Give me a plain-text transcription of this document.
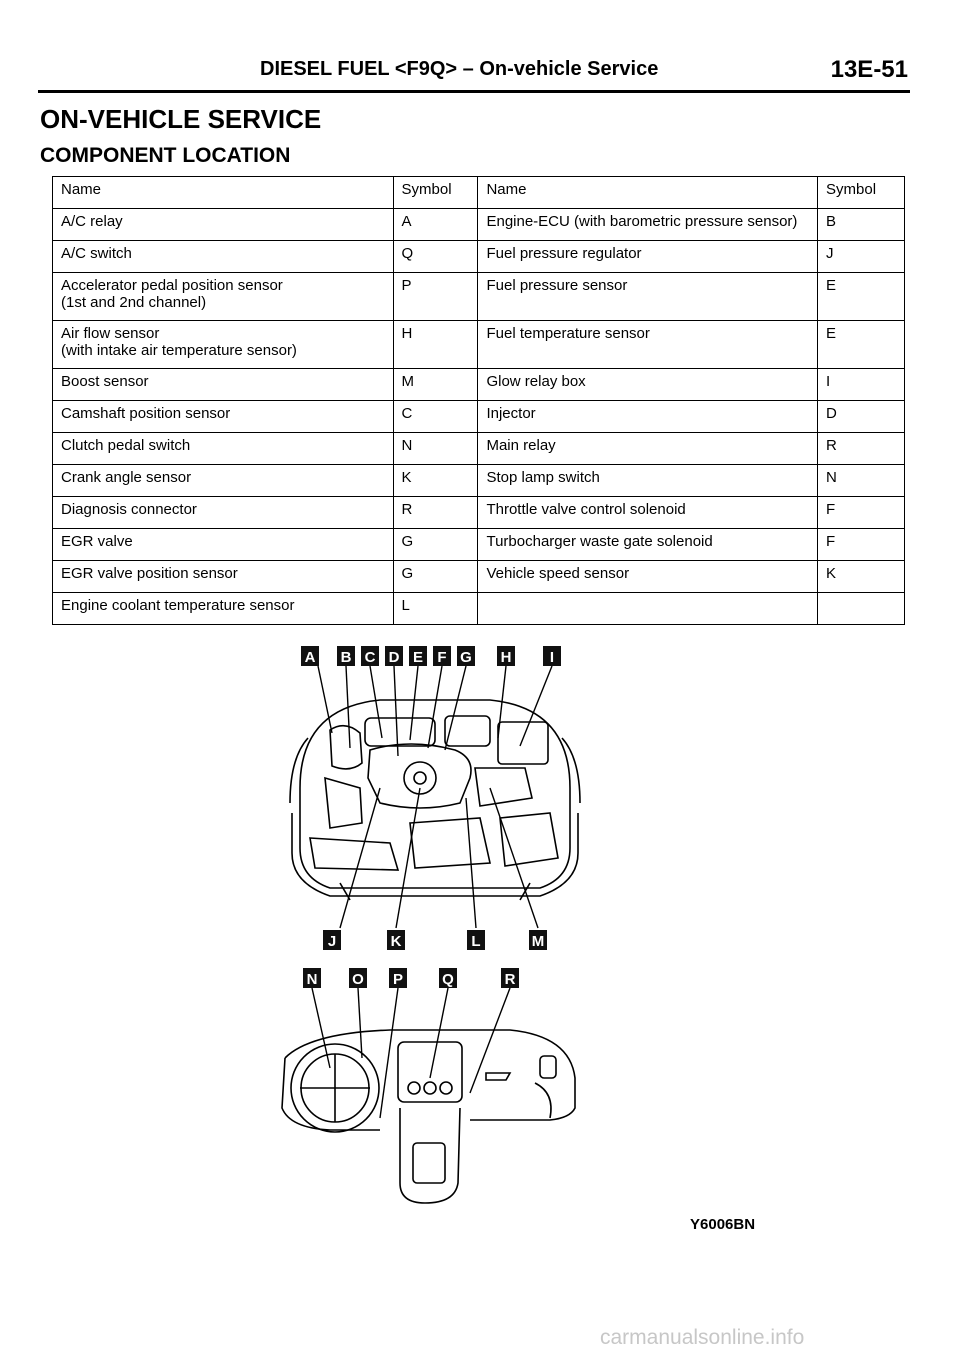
DIESEL FUEL <F9Q> – On-vehicle Service	13E-51
ON-VEHICLE SERVICE
COMPONENT LOCATION
Name	Symbol	Name	Symbol
A/C relay	A	Engine-ECU (with barometric pressure sensor)	B
A/C switch	Q	Fuel pressure regulator	J
Accelerator pedal position sensor
(1st and 2nd channel)	P	Fuel pressure sensor	E
Air flow sensor
(with intake air temperature sensor)	H	Fuel temperature sensor	E
Boost sensor	M	Glow relay box	I
Camshaft position sensor	C	Injector	D
Clutch pedal switch	N	Main relay	R
Crank angle sensor	K	Stop lamp switch	N
Diagnosis connector	R	Throttle valve control solenoid	F
EGR valve	G	Turbocharger waste gate solenoid	F
EGR valve position sensor	G	Vehicle speed sensor	K
Engine coolant temperature sensor	L		
A B C D E F G H	I
J	K	L	M
N O P	Q	R
Y6006BN
carmanualsonline.info
